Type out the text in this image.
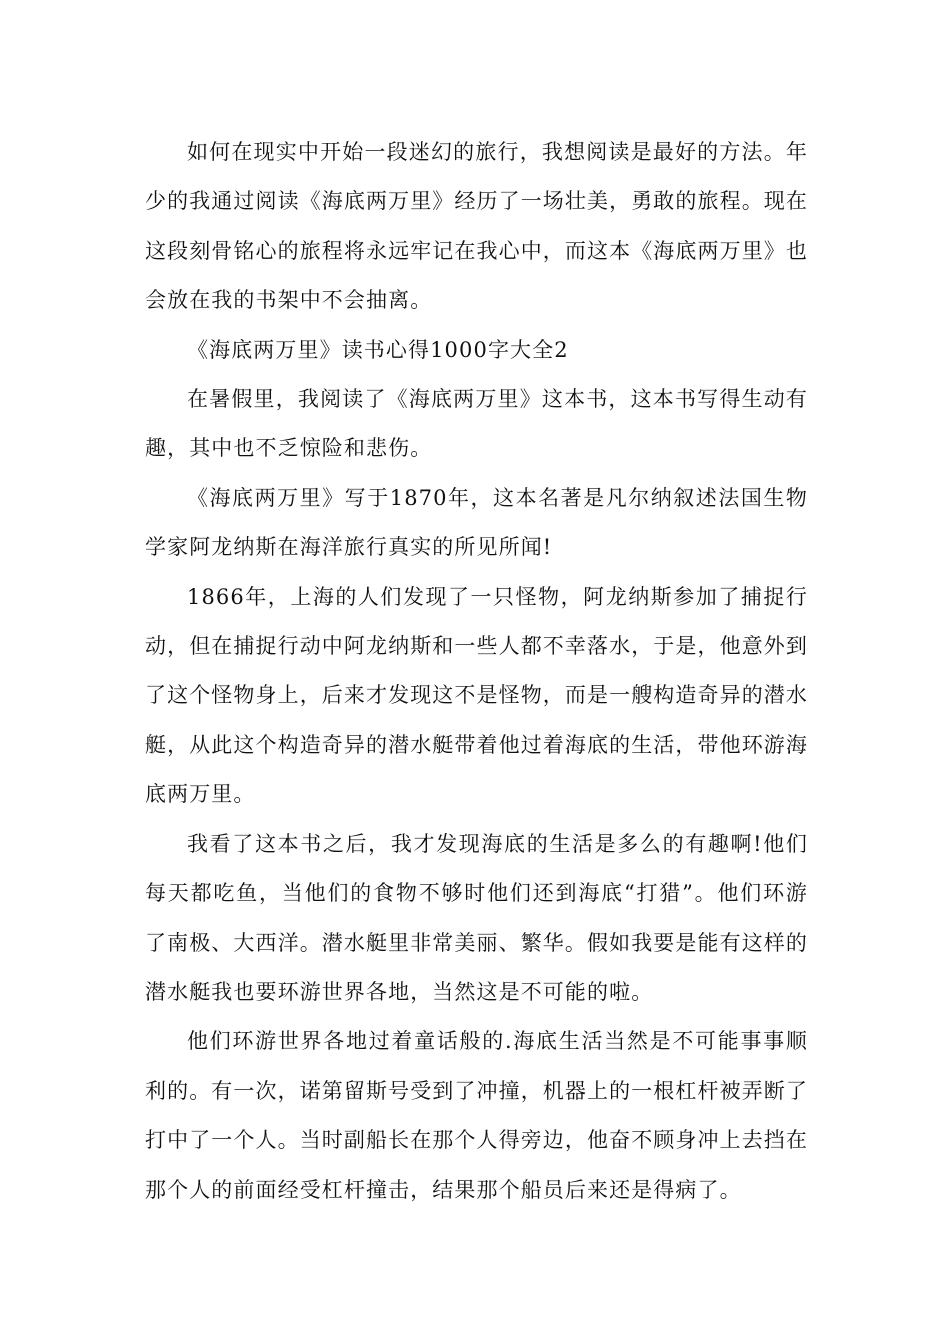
如何在现实中开始一段迷幻的旅行，我想阅读是最好的方法。年少的我通过阅读《海底两万里》经历了一场壮美，勇敢的旅程。现在这段刻骨铭心的旅程将永远牢记在我心中，而这本《海底两万里》也会放在我的书架中不会抽离。

《海底两万里》读书心得1000字大全2

在暑假里，我阅读了《海底两万里》这本书，这本书写得生动有趣，其中也不乏惊险和悲伤。

《海底两万里》写于1870年，这本名著是凡尔纳叙述法国生物学家阿龙纳斯在海洋旅行真实的所见所闻!

1866年，上海的人们发现了一只怪物，阿龙纳斯参加了捕捉行动，但在捕捉行动中阿龙纳斯和一些人都不幸落水，于是，他意外到了这个怪物身上，后来才发现这不是怪物，而是一艘构造奇异的潜水艇，从此这个构造奇异的潜水艇带着他过着海底的生活，带他环游海底两万里。

我看了这本书之后，我才发现海底的生活是多么的有趣啊!他们每天都吃鱼，当他们的食物不够时他们还到海底“打猎”。他们环游了南极、大西洋。潜水艇里非常美丽、繁华。假如我要是能有这样的潜水艇我也要环游世界各地，当然这是不可能的啦。

他们环游世界各地过着童话般的.海底生活当然是不可能事事顺利的。有一次，诺第留斯号受到了冲撞，机器上的一根杠杆被弄断了打中了一个人。当时副船长在那个人得旁边，他奋不顾身冲上去挡在那个人的前面经受杠杆撞击，结果那个船员后来还是得病了。
